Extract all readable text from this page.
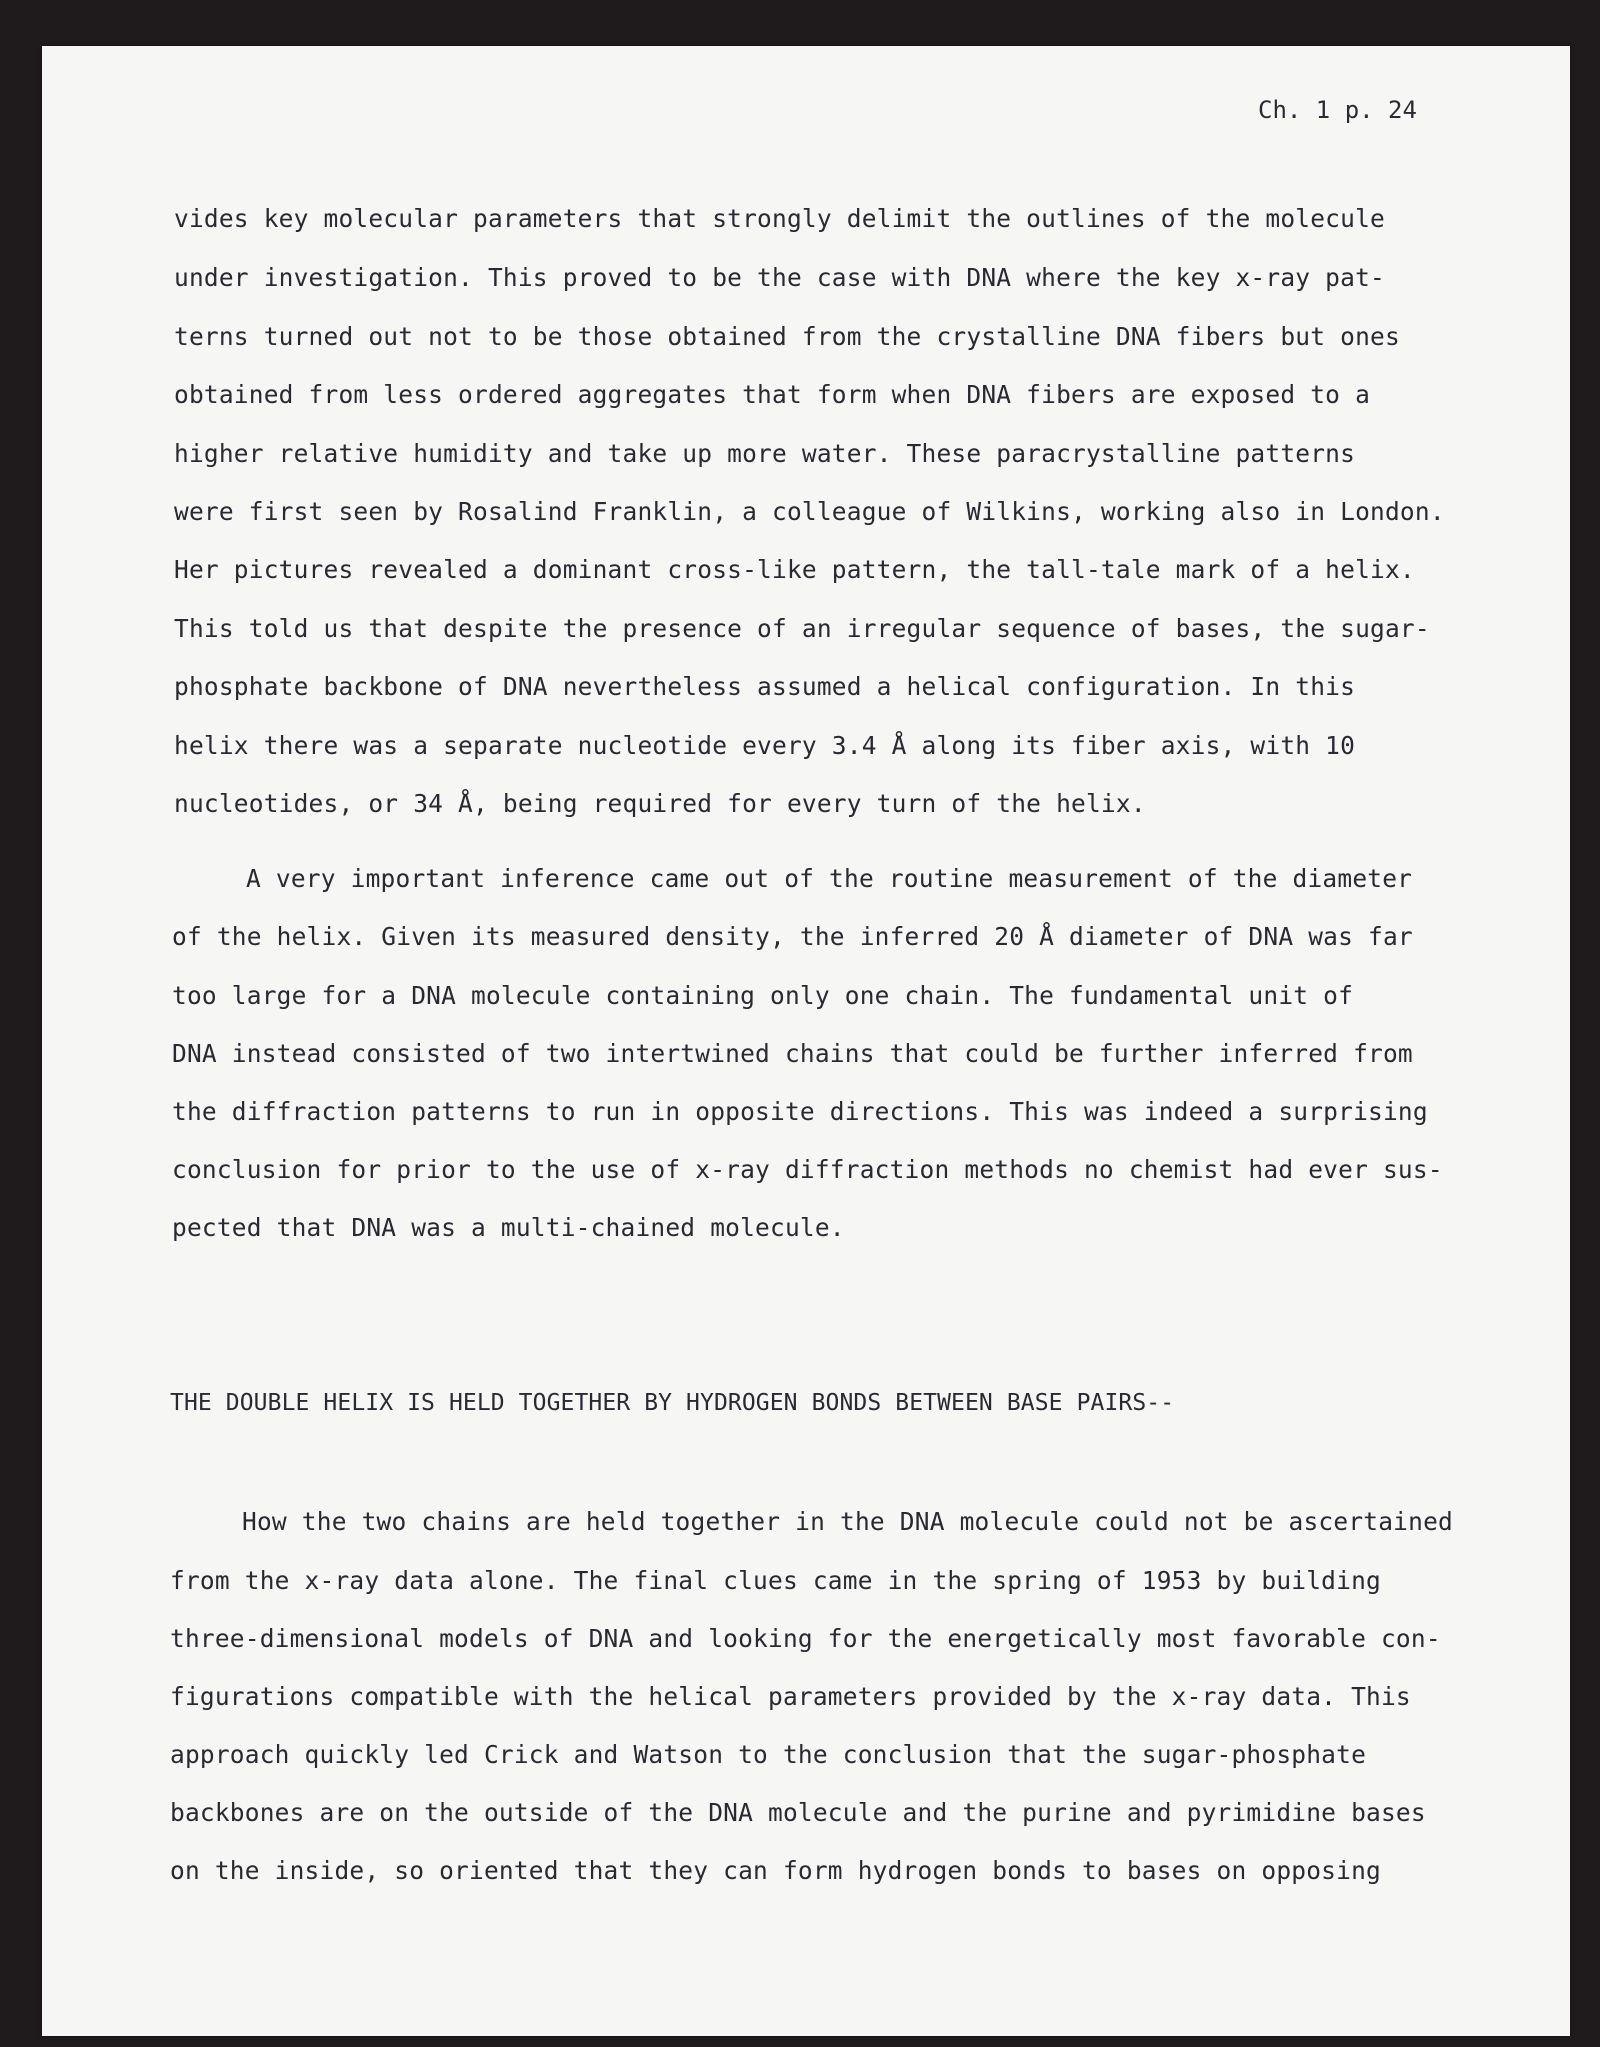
Ch. 1 p. 24
vides key molecular parameters that strongly delimit the outlines of the molecule
under investigation. This proved to be the case with DNA where the key x-ray pat-
terns turned out not to be those obtained from the crystalline DNA fibers but ones
obtained from less ordered aggregates that form when DNA fibers are exposed to a
higher relative humidity and take up more water. These paracrystalline patterns
were first seen by Rosalind Franklin, a colleague of Wilkins, working also in London.
Her pictures revealed a dominant cross-like pattern, the tall-tale mark of a helix.
This told us that despite the presence of an irregular sequence of bases, the sugar-
phosphate backbone of DNA nevertheless assumed a helical configuration. In this
helix there was a separate nucleotide every 3.4 Å along its fiber axis, with 10
nucleotides, or 34 Å, being required for every turn of the helix.
A very important inference came out of the routine measurement of the diameter
of the helix. Given its measured density, the inferred 20 Å diameter of DNA was far
too large for a DNA molecule containing only one chain. The fundamental unit of
DNA instead consisted of two intertwined chains that could be further inferred from
the diffraction patterns to run in opposite directions. This was indeed a surprising
conclusion for prior to the use of x-ray diffraction methods no chemist had ever sus-
pected that DNA was a multi-chained molecule.
THE DOUBLE HELIX IS HELD TOGETHER BY HYDROGEN BONDS BETWEEN BASE PAIRS--
How the two chains are held together in the DNA molecule could not be ascertained
from the x-ray data alone. The final clues came in the spring of 1953 by building
three-dimensional models of DNA and looking for the energetically most favorable con-
figurations compatible with the helical parameters provided by the x-ray data. This
approach quickly led Crick and Watson to the conclusion that the sugar-phosphate
backbones are on the outside of the DNA molecule and the purine and pyrimidine bases
on the inside, so oriented that they can form hydrogen bonds to bases on opposing
